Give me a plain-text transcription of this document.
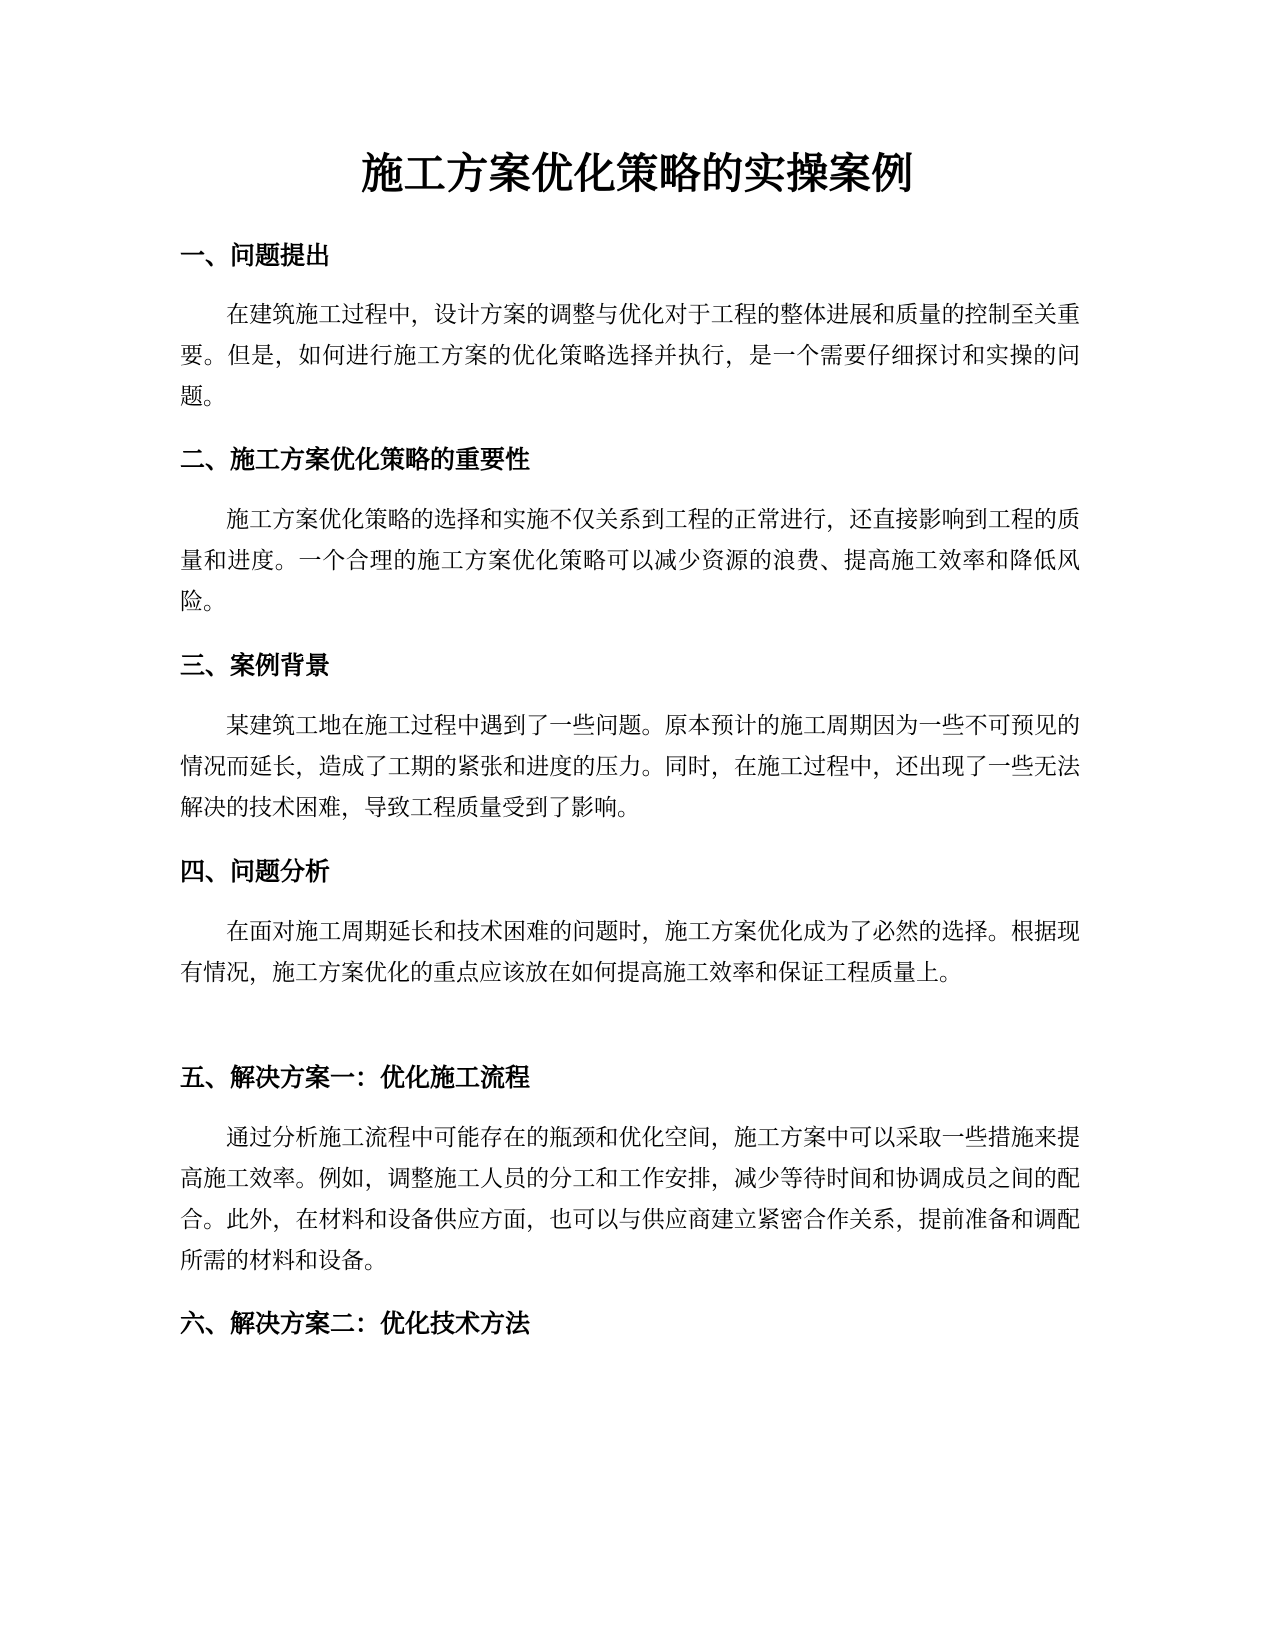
施工方案优化策略的实操案例
一、问题提出

在建筑施工过程中，设计方案的调整与优化对于工程的整体进展和质量的控制至关重要。但是，如何进行施工方案的优化策略选择并执行，是一个需要仔细探讨和实操的问题。

二、施工方案优化策略的重要性

施工方案优化策略的选择和实施不仅关系到工程的正常进行，还直接影响到工程的质量和进度。一个合理的施工方案优化策略可以减少资源的浪费、提高施工效率和降低风险。

三、案例背景

某建筑工地在施工过程中遇到了一些问题。原本预计的施工周期因为一些不可预见的情况而延长，造成了工期的紧张和进度的压力。同时，在施工过程中，还出现了一些无法解决的技术困难，导致工程质量受到了影响。

四、问题分析

在面对施工周期延长和技术困难的问题时，施工方案优化成为了必然的选择。根据现有情况，施工方案优化的重点应该放在如何提高施工效率和保证工程质量上。

五、解决方案一：优化施工流程

通过分析施工流程中可能存在的瓶颈和优化空间，施工方案中可以采取一些措施来提高施工效率。例如，调整施工人员的分工和工作安排，减少等待时间和协调成员之间的配合。此外，在材料和设备供应方面，也可以与供应商建立紧密合作关系，提前准备和调配所需的材料和设备。

六、解决方案二：优化技术方法
